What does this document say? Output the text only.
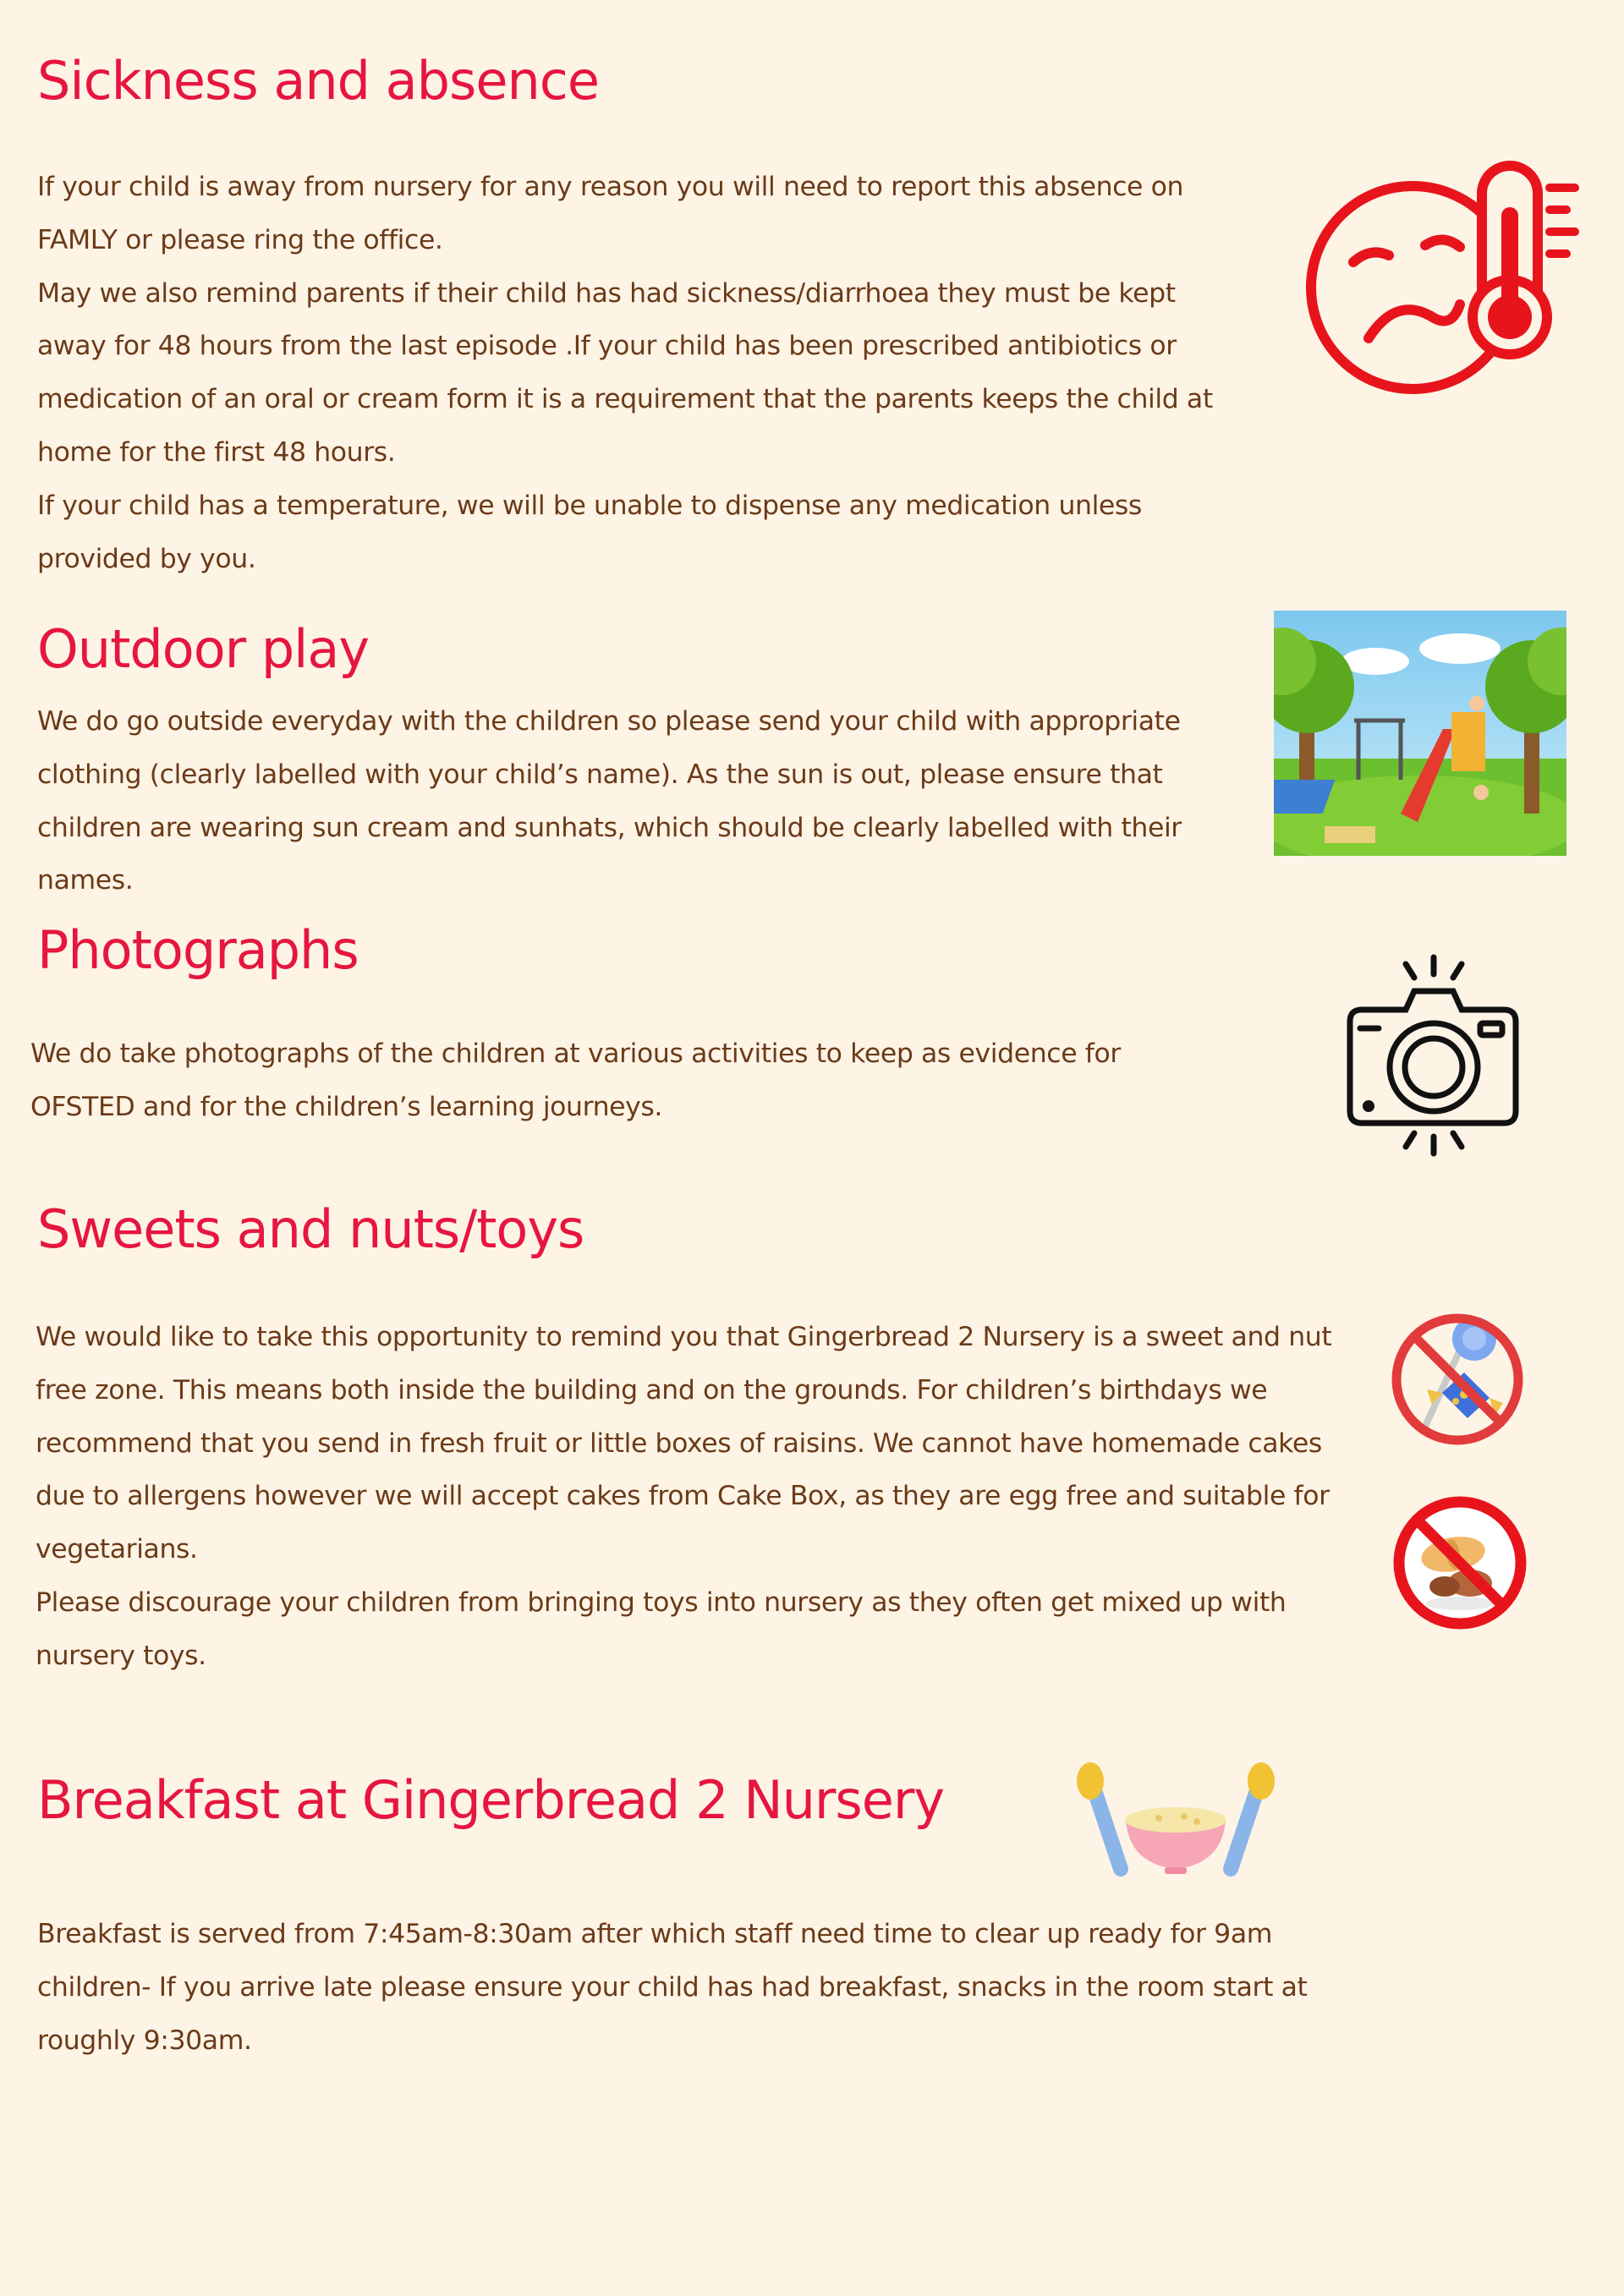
Sickness and absence
If your child is away from nursery for any reason you will need to report this absence on
FAMLY or please ring the office.
May we also remind parents if their child has had sickness/diarrhoea they must be kept
away for 48 hours from the last episode .If your child has been prescribed antibiotics or
medication of an oral or cream form it is a requirement that the parents keeps the child at
home for the first 48 hours.
If your child has a temperature, we will be unable to dispense any medication unless
provided by you.
Outdoor play
We do go outside everyday with the children so please send your child with appropriate
clothing (clearly labelled with your child’s name). As the sun is out, please ensure that
children are wearing sun cream and sunhats, which should be clearly labelled with their
names.
Photographs
We do take photographs of the children at various activities to keep as evidence for
OFSTED and for the children’s learning journeys.
Sweets and nuts/toys
We would like to take this opportunity to remind you that Gingerbread 2 Nursery is a sweet and nut
free zone. This means both inside the building and on the grounds. For children’s birthdays we
recommend that you send in fresh fruit or little boxes of raisins. We cannot have homemade cakes
due to allergens however we will accept cakes from Cake Box, as they are egg free and suitable for
vegetarians.
Please discourage your children from bringing toys into nursery as they often get mixed up with
nursery toys.
Breakfast at Gingerbread 2 Nursery
Breakfast is served from 7:45am-8:30am after which staff need time to clear up ready for 9am
children- If you arrive late please ensure your child has had breakfast, snacks in the room start at
roughly 9:30am.
